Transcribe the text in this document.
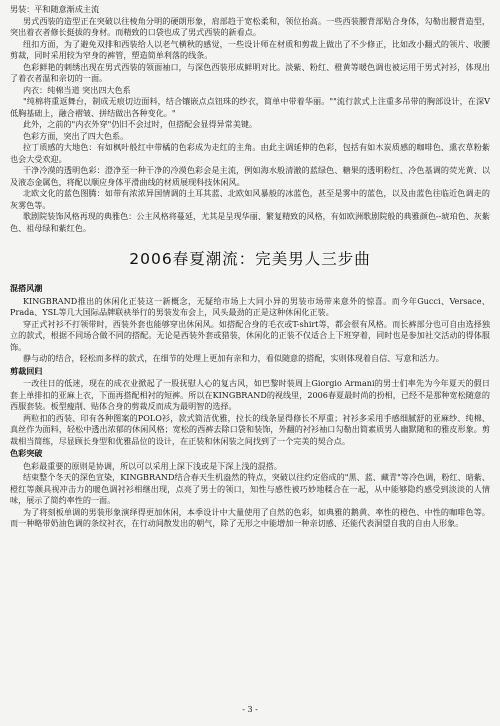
男装：平和随意渐成主流

男式西装的造型正在突破以往棱角分明的硬朗形象，肩部趋于宽松柔和，领位抬高。一些西装腰背部贴合身体，勾勒出腰背造型，突出着衣者修长挺拔的身材。而精致的口袋也成了男式西装的新看点。

纽扣方面，为了避免双排和西装给人以老气横秋的感觉，一些设计师在材质和剪裁上做出了不少修正，比如改小翻式的领片、收腰剪裁，同时采用较为窄身的裤管，塑造简单利落的线条。

色彩鲜艳的刺绣出现在男式西装的领面袖口，与深色西装形成鲜明对比。淡紫、粉红、橙黄等暖色调也被运用于男式衬衫，体现出了着衣者温和亲切的一面。

内衣：纯棉当道 突出四大色系

"纯棉将重返舞台，制成无痕切边面料，结合镶嵌点点钮珠的纱衣，简单中带着华丽。""流行款式上注重多吊带的胸部设计，在深V低胸基础上，融合褶皱、拼结做出各种变化。"

此外，之前的"内衣外穿"仍旧不会过时，但搭配会显得异常美键。

色彩方面，突出了四大色系。

拉丁质感的大地色：有如枫叶般红中带橘的色彩成为走红的主角。由此主调延伸的色彩，包括有如木炭质感的咖啡色、熏衣草粉紫也会大受欢迎。

干净冷漠的透明色彩：澄净至一种干净的冷漠色彩会是主流，例如海水般清澈的蓝绿色、糖果的透明粉红、冷色基调的荧光黄、以及液态金属色，将配以顺应身体平滑曲线的材质展现科技休闲风。

北欧文化的蓝色图腾：如带有浓浓异国情调的土耳其蓝、北欧如风暴般的冰蓝色，甚至是雾中的蓝色，以及由蓝色往临近色调走的灰雾色等。

歌剧院装饰风格再现的典雅色：公主风格将蔓延，尤其是呈现华丽、繁复精致的风格，有如欧洲歌剧院般的典雅颜色--琥珀色、灰紫色、祖母绿和紫红色。

2006春夏潮流：完美男人三步曲
混搭风潮

KINGBRAND推出的休闲化正装这一新概念，无疑给市场上大同小异的男装市场带来意外的惊喜。而今年Gucci、Versace、Prada、YSL等几大国际品牌联袂举行的男装发布会上，风头最劲的正是这种休闲化正装。

穿正式衬衫不打领带时，西装外套也能够穿出休闲风。如搭配合身的毛衣或T-shirt等，都会很有风格。而长裤部分也可自由选择独立的款式，根据不同场合做不同的搭配。无论是西装外套或猎装，休闲化的正装不仅适合上下班穿着，同时也是参加社交活动的得体服饰。

静与动的结合，轻松而多样的款式，在细节的处理上更加有亲和力，看似随意的搭配，实则体现着自信、写意和活力。

剪裁回归

一改往日的低迷，现在的成衣业掀起了一股抚慰人心的复古风，如巴黎时装周上Giorgio Armani的男士们率先为今年夏天的假日套上单排扣的亚麻上衣，下面再搭配相衬的短裤。所以在KINGBRAND的视线里，2006春夏最时尚的扮相，已经不是那种宽松随意的西服套装。板型瘦削、贴体合身的剪裁反而成为最明智的选择。

两粒扣的西装、印有各种图案的POLO衫，款式简洁优雅，拉长的线条显得修长不厚重；衬衫多采用手感细腻舒的亚麻纱、纯棉、真丝作为面料，轻松中透出浓郁的休闲风格；宽松的西裤去除口袋和装饰，外翻的衬衫袖口勾勒出简素质男人幽默随和的雅皮形象。剪裁相当简练，尽显顾长身型和优雅品位的设计，在正装和休闲装之间找到了一个完美的契合点。

色彩突破

色彩最重要的原则是协调，所以可以采用上深下浅或是下深上浅的混搭。

结束整个冬天的深色宣染，KINGBRAND结合春天生机盎然的特点，突破以往约定俗成的"黑、蓝、藏青"等冷色调，粉红、暗紫、橙红等颇具视冲击力的暖色调衬衫相继出现，点亮了男士的领口，知性与感性被巧妙地糅合在一起，从中能够隐约感受到淡淡的人情味，展示了简约率性的一面。

为了将刻板单调的男装形象演绎得更加休闲，本季设计中大量使用了自然的色彩，如典雅的鹅黄、率性的橙色、中性的咖啡色等。而一种略带奶油色调的条纹衬衣，在行动间散发出的朝气，除了无形之中能增加一种亲切感、还能代表洞望自我的自由人形象。

- 3 -
